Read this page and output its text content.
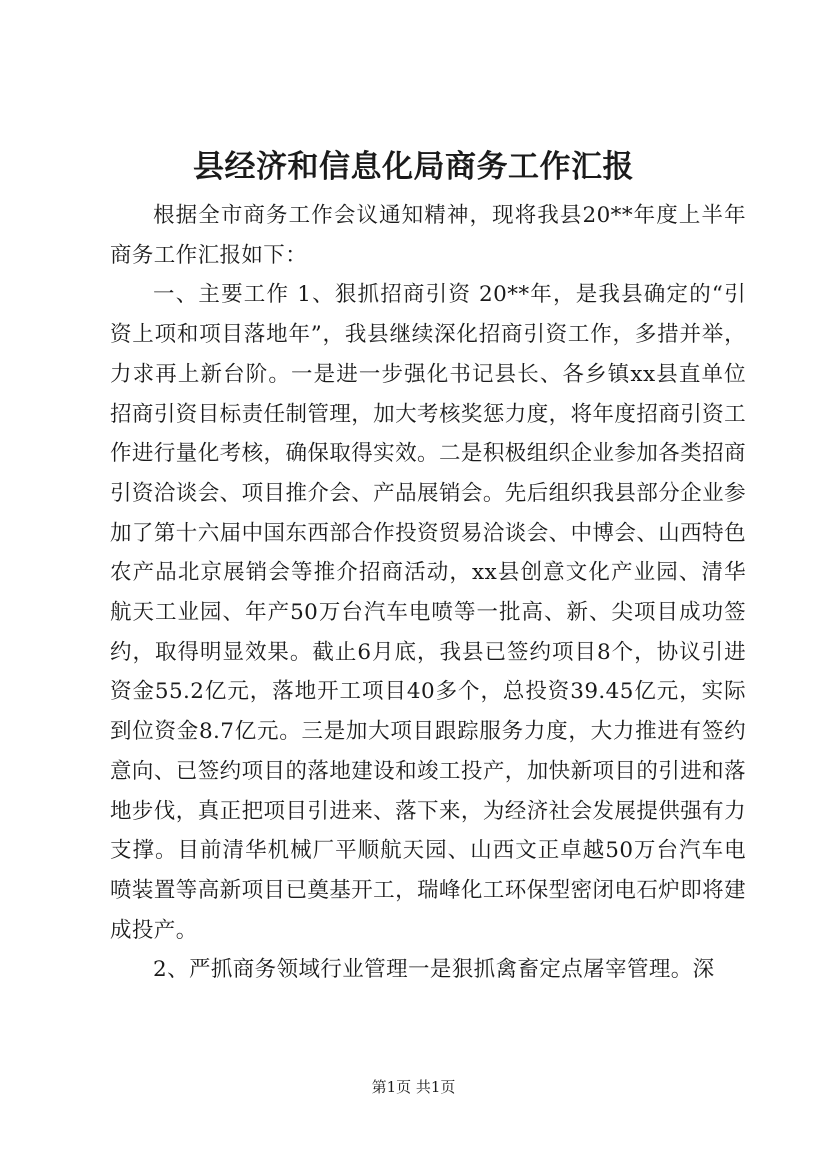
县经济和信息化局商务工作汇报

根据全市商务工作会议通知精神，现将我县20**年度上半年商务工作汇报如下：

一、主要工作 1、狠抓招商引资 20**年，是我县确定的“引资上项和项目落地年”，我县继续深化招商引资工作，多措并举，力求再上新台阶。一是进一步强化书记县长、各乡镇xx县直单位招商引资目标责任制管理，加大考核奖惩力度，将年度招商引资工作进行量化考核，确保取得实效。二是积极组织企业参加各类招商引资洽谈会、项目推介会、产品展销会。先后组织我县部分企业参加了第十六届中国东西部合作投资贸易洽谈会、中博会、山西特色农产品北京展销会等推介招商活动，xx县创意文化产业园、清华航天工业园、年产50万台汽车电喷等一批高、新、尖项目成功签约，取得明显效果。截止6月底，我县已签约项目8个，协议引进资金55.2亿元，落地开工项目40多个，总投资39.45亿元，实际到位资金8.7亿元。三是加大项目跟踪服务力度，大力推进有签约意向、已签约项目的落地建设和竣工投产，加快新项目的引进和落地步伐，真正把项目引进来、落下来，为经济社会发展提供强有力支撑。目前清华机械厂平顺航天园、山西文正卓越50万台汽车电喷装置等高新项目已奠基开工，瑞峰化工环保型密闭电石炉即将建成投产。

2、严抓商务领域行业管理一是狠抓禽畜定点屠宰管理。深

第1页 共1页
